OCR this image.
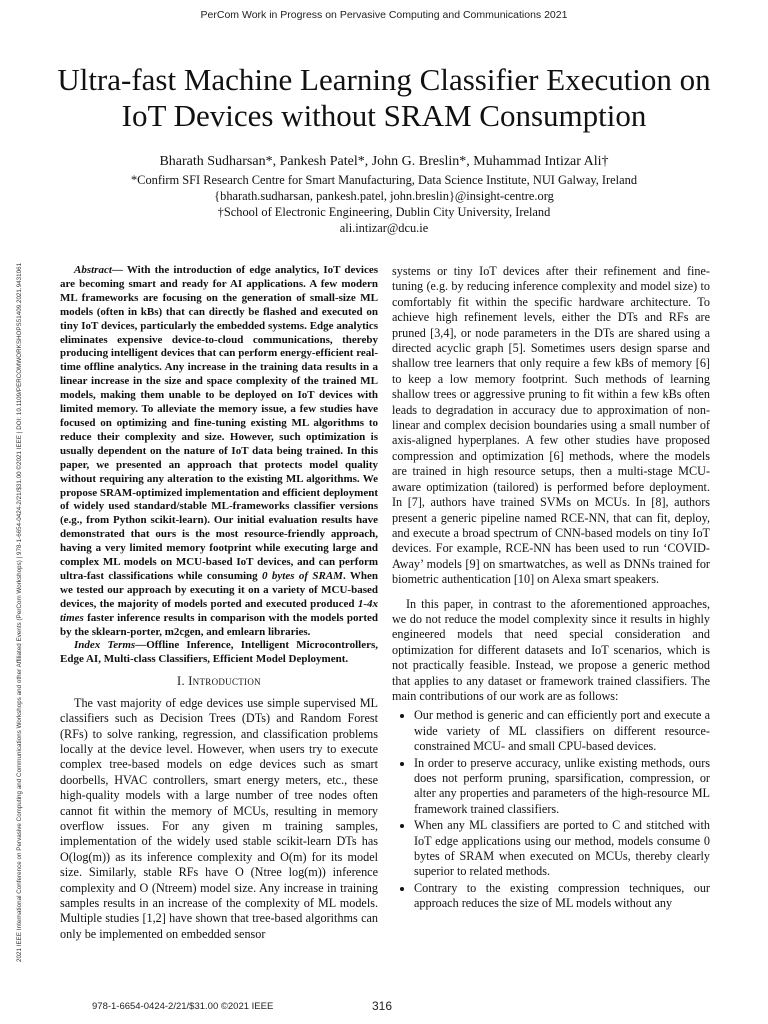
PerCom Work in Progress on Pervasive Computing and Communications 2021
2021 IEEE International Conference on Pervasive Computing and Communications Workshops and other Affiliated Events (PerCom Workshops) | 978-1-6654-0424-2/21/$31.00 ©2021 IEEE | DOI: 10.1109/PERCOMWORKSHOPS51409.2021.9431061
Ultra-fast Machine Learning Classifier Execution on
IoT Devices without SRAM Consumption
Bharath Sudharsan*, Pankesh Patel*, John G. Breslin*, Muhammad Intizar Ali†
*Confirm SFI Research Centre for Smart Manufacturing, Data Science Institute, NUI Galway, Ireland
{bharath.sudharsan, pankesh.patel, john.breslin}@insight-centre.org
†School of Electronic Engineering, Dublin City University, Ireland
ali.intizar@dcu.ie

Abstract— With the introduction of edge analytics, IoT devices are becoming smart and ready for AI applications. A few modern ML frameworks are focusing on the generation of small-size ML models (often in kBs) that can directly be flashed and executed on tiny IoT devices, particularly the embedded systems. Edge analytics eliminates expensive device-to-cloud communications, thereby producing intelligent devices that can perform energy-efficient real-time offline analytics. Any increase in the training data results in a linear increase in the size and space complexity of the trained ML models, making them unable to be deployed on IoT devices with limited memory. To alleviate the memory issue, a few studies have focused on optimizing and fine-tuning existing ML algorithms to reduce their complexity and size. However, such optimization is usually dependent on the nature of IoT data being trained. In this paper, we presented an approach that protects model quality without requiring any alteration to the existing ML algorithms. We propose SRAM-optimized implementation and efficient deployment of widely used standard/stable ML-frameworks classifier versions (e.g., from Python scikit-learn). Our initial evaluation results have demonstrated that ours is the most resource-friendly approach, having a very limited memory footprint while executing large and complex ML models on MCU-based IoT devices, and can perform ultra-fast classifications while consuming 0 bytes of SRAM. When we tested our approach by executing it on a variety of MCU-based devices, the majority of models ported and executed produced 1-4x times faster inference results in comparison with the models ported by the sklearn-porter, m2cgen, and emlearn libraries.

Index Terms—Offline Inference, Intelligent Microcontrollers, Edge AI, Multi-class Classifiers, Efficient Model Deployment.

I. Introduction

The vast majority of edge devices use simple supervised ML classifiers such as Decision Trees (DTs) and Random Forest (RFs) to solve ranking, regression, and classification problems locally at the device level. However, when users try to execute complex tree-based models on edge devices such as smart doorbells, HVAC controllers, smart energy meters, etc., these high-quality models with a large number of tree nodes often cannot fit within the memory of MCUs, resulting in memory overflow issues. For any given m training samples, implementation of the widely used stable scikit-learn DTs has O(log(m)) as its inference complexity and O(m) for its model size. Similarly, stable RFs have O (Ntree log(m)) inference complexity and O (Ntreem) model size. Any increase in training samples results in an increase of the complexity of ML models. Multiple studies [1,2] have shown that tree-based algorithms can only be implemented on embedded sensor

systems or tiny IoT devices after their refinement and fine-tuning (e.g. by reducing inference complexity and model size) to comfortably fit within the specific hardware architecture. To achieve high refinement levels, either the DTs and RFs are pruned [3,4], or node parameters in the DTs are shared using a directed acyclic graph [5]. Sometimes users design sparse and shallow tree learners that only require a few kBs of memory [6] to keep a low memory footprint. Such methods of learning shallow trees or aggressive pruning to fit within a few kBs often leads to degradation in accuracy due to approximation of non-linear and complex decision boundaries using a small number of axis-aligned hyperplanes. A few other studies have proposed compression and optimization [6] methods, where the models are trained in high resource setups, then a multi-stage MCU-aware optimization (tailored) is performed before deployment. In [7], authors have trained SVMs on MCUs. In [8], authors present a generic pipeline named RCE-NN, that can fit, deploy, and execute a broad spectrum of CNN-based models on tiny IoT devices. For example, RCE-NN has been used to run ‘COVID-Away’ models [9] on smartwatches, as well as DNNs trained for biometric authentication [10] on Alexa smart speakers.

In this paper, in contrast to the aforementioned approaches, we do not reduce the model complexity since it results in highly engineered models that need special consideration and optimization for different datasets and IoT scenarios, which is not practically feasible. Instead, we propose a generic method that applies to any dataset or framework trained classifiers. The main contributions of our work are as follows:

• Our method is generic and can efficiently port and execute a wide variety of ML classifiers on different resource-constrained MCU- and small CPU-based devices.
• In order to preserve accuracy, unlike existing methods, ours does not perform pruning, sparsification, compression, or alter any properties and parameters of the high-resource ML framework trained classifiers.
• When any ML classifiers are ported to C and stitched with IoT edge applications using our method, models consume 0 bytes of SRAM when executed on MCUs, thereby clearly superior to related methods.
• Contrary to the existing compression techniques, our approach reduces the size of ML models without any
978-1-6654-0424-2/21/$31.00 ©2021 IEEE	316
